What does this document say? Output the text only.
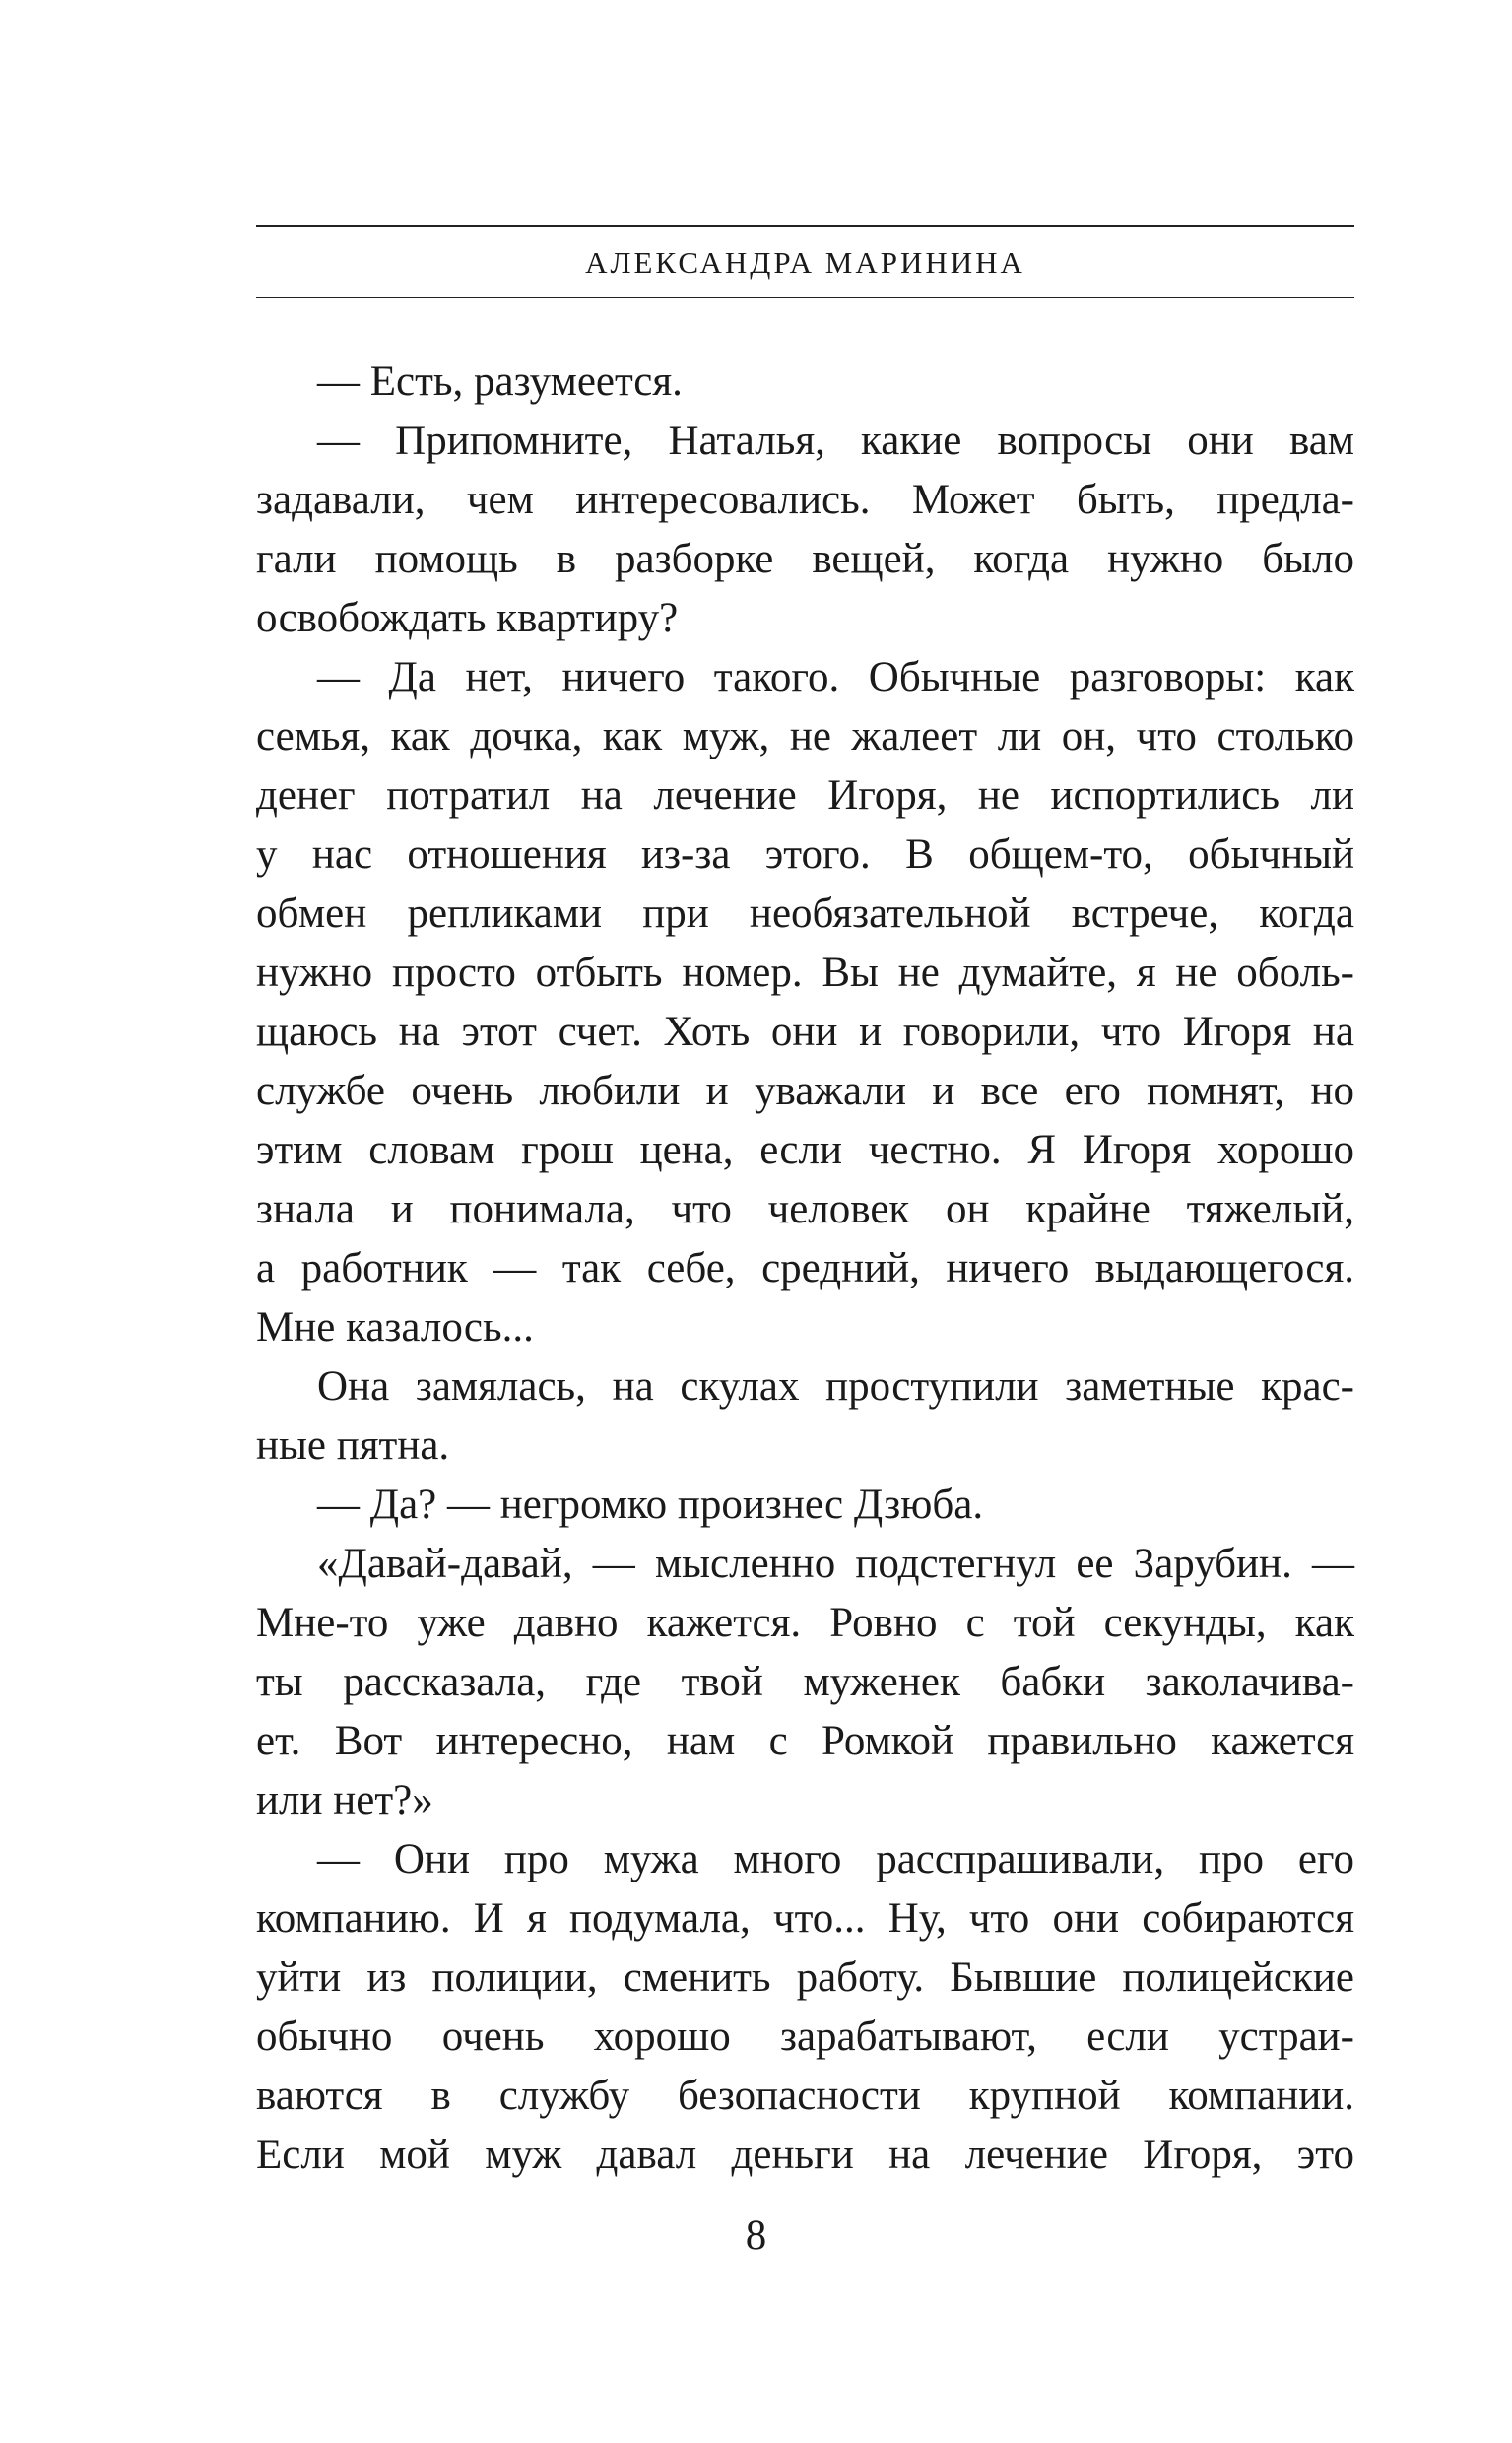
АЛЕКСАНДРА МАРИНИНА
— Есть, разумеется.
— Припомните, Наталья, какие вопросы они вам
задавали, чем интересовались. Может быть, предла-
гали помощь в разборке вещей, когда нужно было
освобождать квартиру?
— Да нет, ничего такого. Обычные разговоры: как
семья, как дочка, как муж, не жалеет ли он, что столько
денег потратил на лечение Игоря, не испортились ли
у нас отношения из-за этого. В общем-то, обычный
обмен репликами при необязательной встрече, когда
нужно просто отбыть номер. Вы не думайте, я не оболь-
щаюсь на этот счет. Хоть они и говорили, что Игоря на
службе очень любили и уважали и все его помнят, но
этим словам грош цена, если честно. Я Игоря хорошо
знала и понимала, что человек он крайне тяжелый,
а работник — так себе, средний, ничего выдающегося.
Мне казалось...
Она замялась, на скулах проступили заметные крас-
ные пятна.
— Да? — негромко произнес Дзюба.
«Давай-давай, — мысленно подстегнул ее Зарубин. —
Мне-то уже давно кажется. Ровно с той секунды, как
ты рассказала, где твой муженек бабки заколачива-
ет. Вот интересно, нам с Ромкой правильно кажется
или нет?»
— Они про мужа много расспрашивали, про его
компанию. И я подумала, что... Ну, что они собираются
уйти из полиции, сменить работу. Бывшие полицейские
обычно очень хорошо зарабатывают, если устраи-
ваются в службу безопасности крупной компании.
Если мой муж давал деньги на лечение Игоря, это
8
